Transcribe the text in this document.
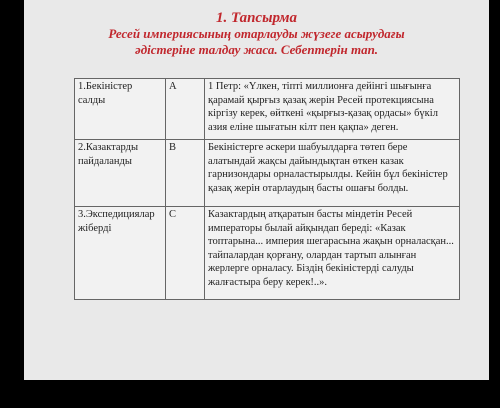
1. Тапсырма
Ресей империясының отарлауды жүзеге асырудағы
әдістеріне талдау жаса. Себептерін тап.
1.Бекіністер салды	A	1 Петр: «Үлкен, тіпті миллионға дейінгі шығынға қарамай қырғыз қазақ жерін Ресей протекциясына кіргізу керек, өйткені «қырғыз-қазақ ордасы» бүкіл азия еліне шығатын кілт пен қақпа» деген.
2.Казактарды пайдаланды	B	Бекіністерге әскери шабуылдарға төтеп бере алатындай жақсы дайындықтан өткен казак гарнизондары орналастырылды. Кейін бұл бекіністер қазақ жерін отарлаудың басты ошағы болды.
3.Экспедициялар жіберді	C	Казактардың атқаратын басты міндетін Ресей императоры былай айқындап береді: «Казак топтарына... империя шегарасына жақын орналасқан... тайпалардан қорғану, олардан тартып алынған жерлерге орналасу. Біздің бекіністерді салуды жалғастыра беру керек!..».
